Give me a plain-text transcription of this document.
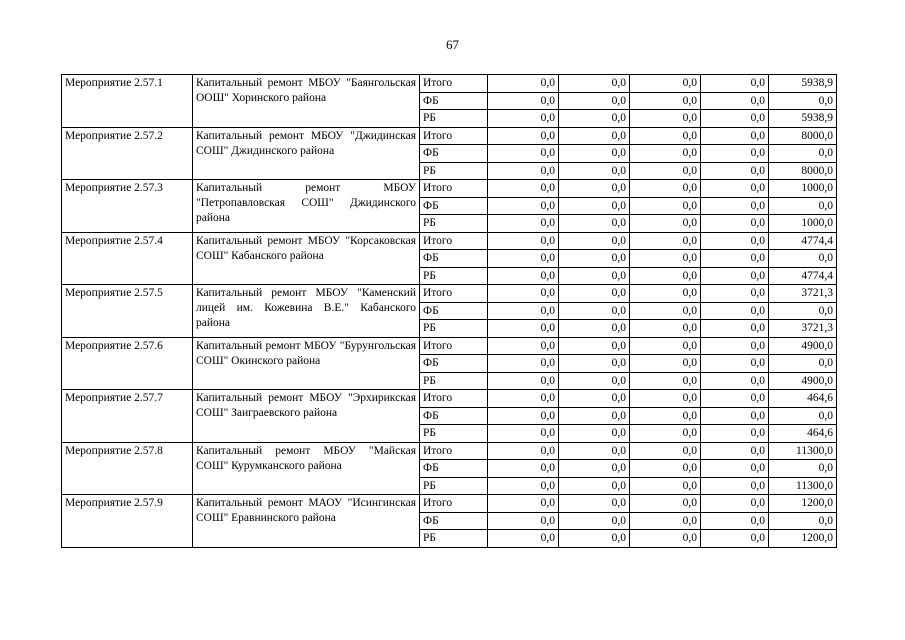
67
Мероприятие 2.57.1	Капитальный ремонт МБОУ "Баянгольская ООШ" Хоринского района	Итого	0,0	0,0	0,0	0,0	5938,9
		ФБ	0,0	0,0	0,0	0,0	0,0
		РБ	0,0	0,0	0,0	0,0	5938,9
Мероприятие 2.57.2	Капитальный ремонт МБОУ "Джидинская СОШ" Джидинского района	Итого	0,0	0,0	0,0	0,0	8000,0
		ФБ	0,0	0,0	0,0	0,0	0,0
		РБ	0,0	0,0	0,0	0,0	8000,0
Мероприятие 2.57.3	Капитальный ремонт МБОУ "Петропавловская СОШ" Джидинского района	Итого	0,0	0,0	0,0	0,0	1000,0
		ФБ	0,0	0,0	0,0	0,0	0,0
		РБ	0,0	0,0	0,0	0,0	1000,0
Мероприятие 2.57.4	Капитальный ремонт МБОУ "Корсаковская СОШ" Кабанского района	Итого	0,0	0,0	0,0	0,0	4774,4
		ФБ	0,0	0,0	0,0	0,0	0,0
		РБ	0,0	0,0	0,0	0,0	4774,4
Мероприятие 2.57.5	Капитальный ремонт МБОУ "Каменский лицей им. Кожевина В.Е." Кабанского района	Итого	0,0	0,0	0,0	0,0	3721,3
		ФБ	0,0	0,0	0,0	0,0	0,0
		РБ	0,0	0,0	0,0	0,0	3721,3
Мероприятие 2.57.6	Капитальный ремонт МБОУ "Бурунгольская СОШ" Окинского района	Итого	0,0	0,0	0,0	0,0	4900,0
		ФБ	0,0	0,0	0,0	0,0	0,0
		РБ	0,0	0,0	0,0	0,0	4900,0
Мероприятие 2.57.7	Капитальный ремонт МБОУ "Эрхирикская СОШ" Заиграевского района	Итого	0,0	0,0	0,0	0,0	464,6
		ФБ	0,0	0,0	0,0	0,0	0,0
		РБ	0,0	0,0	0,0	0,0	464,6
Мероприятие 2.57.8	Капитальный ремонт МБОУ "Майская СОШ" Курумканского района	Итого	0,0	0,0	0,0	0,0	11300,0
		ФБ	0,0	0,0	0,0	0,0	0,0
		РБ	0,0	0,0	0,0	0,0	11300,0
Мероприятие 2.57.9	Капитальный ремонт МАОУ "Исингинская СОШ" Еравнинского района	Итого	0,0	0,0	0,0	0,0	1200,0
		ФБ	0,0	0,0	0,0	0,0	0,0
		РБ	0,0	0,0	0,0	0,0	1200,0
